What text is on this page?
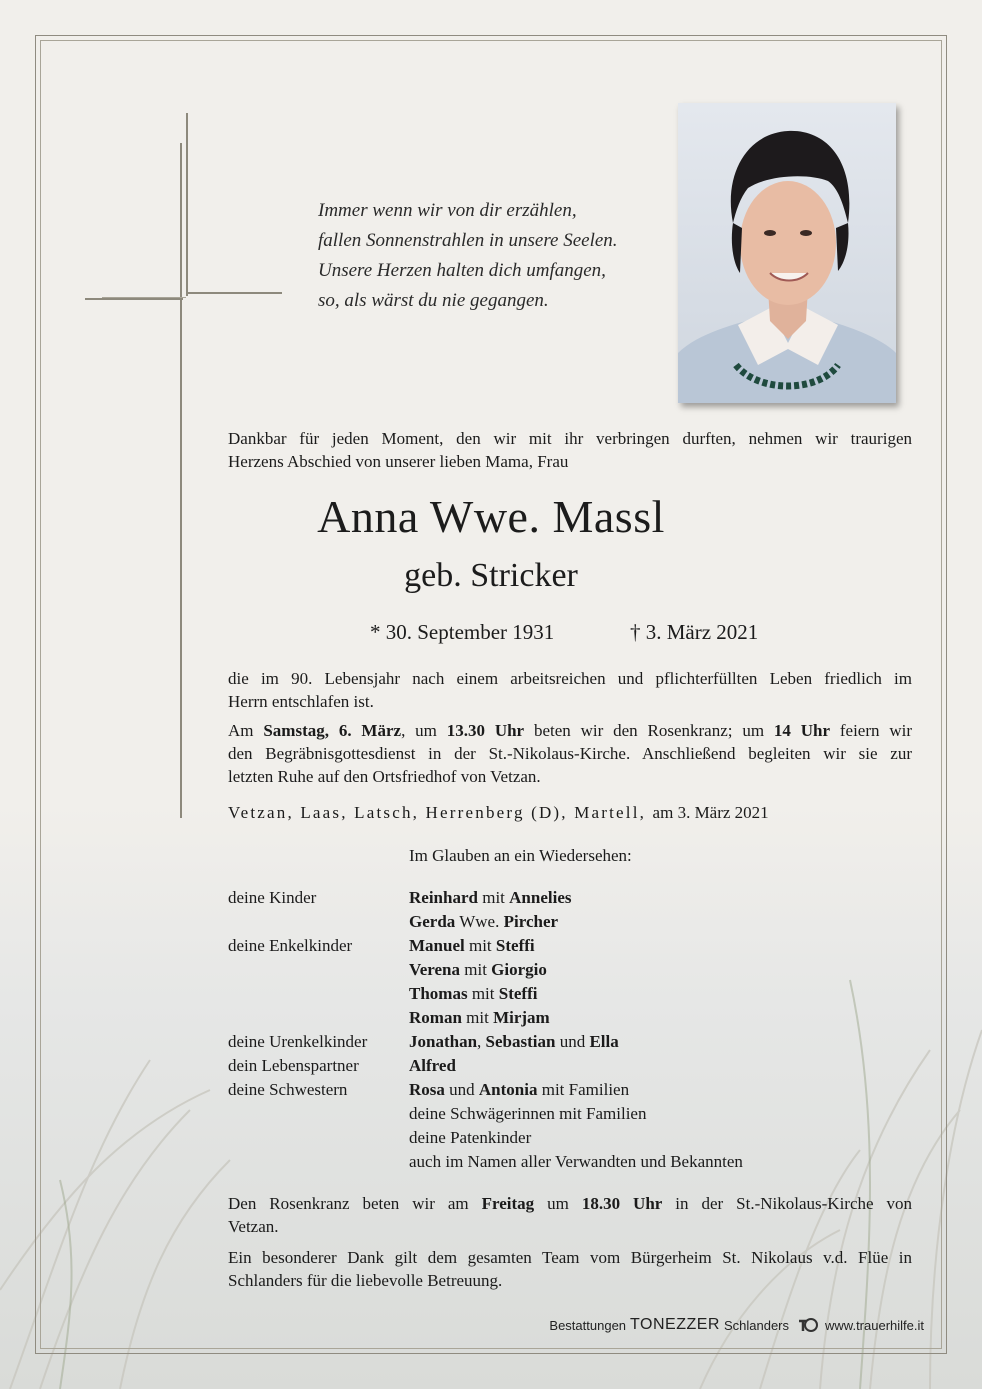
Immer wenn wir von dir erzählen,
fallen Sonnenstrahlen in unsere Seelen.
Unsere Herzen halten dich umfangen,
so, als wärst du nie gegangen.
Dankbar für jeden Moment, den wir mit ihr verbringen durften, nehmen wir traurigen
Herzens Abschied von unserer lieben Mama, Frau
Anna Wwe. Massl
geb. Stricker
* 30. September 1931	† 3. März 2021
die im 90. Lebensjahr nach einem arbeitsreichen und pflichterfüllten Leben friedlich im
Herrn entschlafen ist.
Am Samstag, 6. März, um 13.30 Uhr beten wir den Rosenkranz; um 14 Uhr feiern wir
den Begräbnisgottesdienst in der St.-Nikolaus-Kirche. Anschließend begleiten wir sie zur
letzten Ruhe auf den Ortsfriedhof von Vetzan.
Vetzan, Laas, Latsch, Herrenberg (D), Martell, am 3. März 2021
Im Glauben an ein Wiedersehen:
deine Kinder	Reinhard mit Annelies
Gerda Wwe. Pircher
deine Enkelkinder	Manuel mit Steffi
Verena mit Giorgio
Thomas mit Steffi
Roman mit Mirjam
deine Urenkelkinder Jonathan, Sebastian und Ella
dein Lebenspartner	Alfred
deine Schwestern	Rosa und Antonia mit Familien
deine Schwägerinnen mit Familien
deine Patenkinder
auch im Namen aller Verwandten und Bekannten
Den Rosenkranz beten wir am Freitag um 18.30 Uhr in der St.-Nikolaus-Kirche von
Vetzan.
Ein besonderer Dank gilt dem gesamten Team vom Bürgerheim St. Nikolaus v.d. Flüe in
Schlanders für die liebevolle Betreuung.
Bestattungen TONEZZER Schlanders	www.trauerhilfe.it
